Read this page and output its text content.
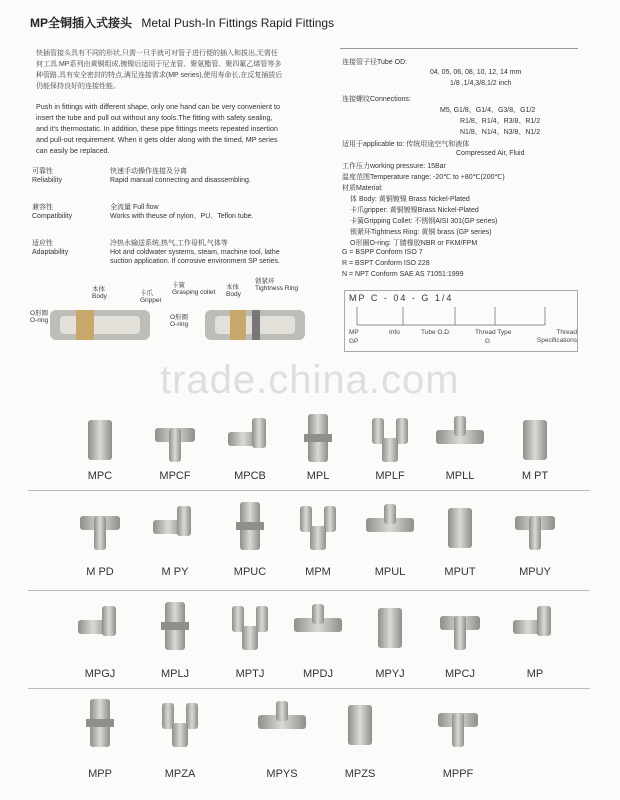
MP全铜插入式接头 Metal Push-In Fittings Rapid Fittings
快插管接头具有不同的形状,只需一只手就可对管子进行便的插入和拔出,无需任何工具.MP系列由黄铜组成,镀镍后适用于尼龙管、聚氨酯管、聚四氟乙烯管等多种管路,具有安全密封的特点,满足连接需求(MP series),使用寿命长,在反复插拔后仍能保持良好的连接性能。
Push in fittings with different shape, only one hand can be very convenient to insert the tube and pull out without any tools.The fitting with safety sealing, and it's thermostatic. In addition, these pipe fittings meets repeated insertion and pull-out requirement. When it gets older along with the timed, MP series can easily be replaced.
可靠性
Reliability
快速手动操作连接及分离
Rapid manual connecting and disassembling.
兼容性
Compatibility
全流量 Full flow
Works with theuse of nylon、PU、Teflon tube.
适应性
Adaptability
冷热水输送系统,热气,工作母机,气体等
Hot and coldwater systems, steam, machine tool, lathe suction application. If corrosive environment SP series.
本体
Body	卡爪
Gripper
卡簧
Grasping collet
本体
Body
锁紧环
Tightness Ring
O形圈
O-ring	O形圈
O-ring
连接管子径Tube OD:
04, 05, 06, 08, 10, 12, 14 mm
1/8 ,1/4,3/8,1/2 inch
连接螺纹Connections:
M5, G1/8、G1/4、G3/8、G1/2
R1/8、R1/4、R3/8、R1/2
N1/8、N1/4、N3/8、N1/2
适用于applicable to: 传统用途空气和液体
Compressed Air, Fluid
工作压力working pressure: 15Bar
温度范围Temperature range: -20℃ to +80℃(200℃)
材质Material:
体 Body: 黄铜镀镍 Brass Nickel-Plated
卡爪gripper: 黄铜镀镍Brass Nickel-Plated
卡簧Gripping Collet: 不锈钢AISI 301(GP series)
锁紧环Tightness Ring: 黄铜 brass (GP series)
O形圈O-ring: 丁腈橡胶NBR or FKM/FPM
G = BSPP Conform ISO 7
R = BSPT Conform ISO 228
N = NPT Conform SAE AS 71051:1999
MP C - 04 - G 1/4
MP
GP
Info	Tube O.D.	Thread Type
G
Thread Specifications
trade.china.com
MPC	MPCF	MPCB	MPL	MPLF	MPLL	M PT
M PD	M PY	MPUC	MPM	MPUL	MPUT	MPUY
MPGJ	MPLJ	MPTJ	MPDJ	MPYJ	MPCJ	MP
MPP	MPZA	MPYS	MPZS	MPPF
